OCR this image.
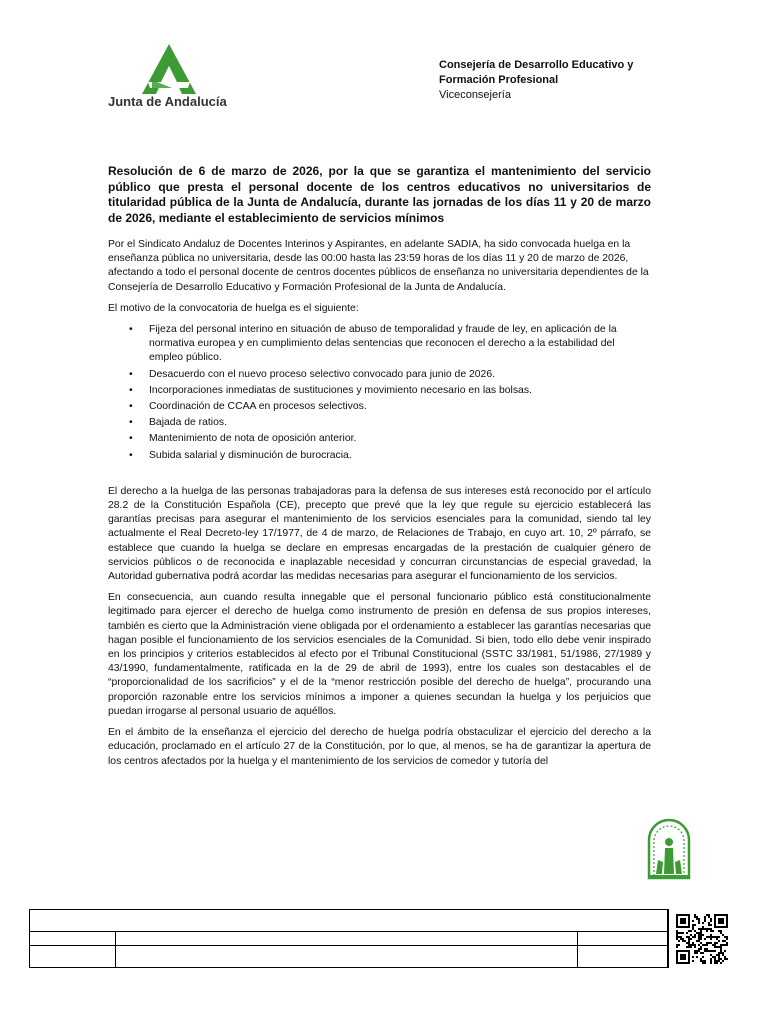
Junta de Andalucía
Consejería de Desarrollo Educativo y
Formación Profesional
Viceconsejería
Resolución de 6 de marzo de 2026, por la que se garantiza el mantenimiento del servicio público que presta el personal docente de los centros educativos no universitarios de titularidad pública de la Junta de Andalucía, durante las jornadas de los días 11 y 20 de marzo de 2026, mediante el establecimiento de servicios mínimos

Por el Sindicato Andaluz de Docentes Interinos y Aspirantes, en adelante SADIA, ha sido convocada huelga en la enseñanza pública no universitaria, desde las 00:00 hasta las 23:59 horas de los días 11 y 20 de marzo de 2026, afectando a todo el personal docente de centros docentes públicos de enseñanza no universitaria dependientes de la Consejería de Desarrollo Educativo y Formación Profesional de la Junta de Andalucía.

El motivo de la convocatoria de huelga es el siguiente:

• Fijeza del personal interino en situación de abuso de temporalidad y fraude de ley, en aplicación de la normativa europea y en cumplimiento delas sentencias que reconocen el derecho a la estabilidad del empleo público.
• Desacuerdo con el nuevo proceso selectivo convocado para junio de 2026.
• Incorporaciones inmediatas de sustituciones y movimiento necesario en las bolsas.
• Coordinación de CCAA en procesos selectivos.
• Bajada de ratios.
• Mantenimiento de nota de oposición anterior.
• Subida salarial y disminución de burocracia.

El derecho a la huelga de las personas trabajadoras para la defensa de sus intereses está reconocido por el artículo 28.2 de la Constitución Española (CE), precepto que prevé que la ley que regule su ejercicio establecerá las garantías precisas para asegurar el mantenimiento de los servicios esenciales para la comunidad, siendo tal ley actualmente el Real Decreto-ley 17/1977, de 4 de marzo, de Relaciones de Trabajo, en cuyo art. 10, 2º párrafo, se establece que cuando la huelga se declare en empresas encargadas de la prestación de cualquier género de servicios públicos o de reconocida e inaplazable necesidad y concurran circunstancias de especial gravedad, la Autoridad gubernativa podrá acordar las medidas necesarias para asegurar el funcionamiento de los servicios.

En consecuencia, aun cuando resulta innegable que el personal funcionario público está constitucionalmente legitimado para ejercer el derecho de huelga como instrumento de presión en defensa de sus propios intereses, también es cierto que la Administración viene obligada por el ordenamiento a establecer las garantías necesarias que hagan posible el funcionamiento de los servicios esenciales de la Comunidad. Si bien, todo ello debe venir inspirado en los principios y criterios establecidos al efecto por el Tribunal Constitucional (SSTC 33/1981, 51/1986, 27/1989 y 43/1990, fundamentalmente, ratificada en la de 29 de abril de 1993), entre los cuales son destacables el de “proporcionalidad de los sacrificios” y el de la “menor restricción posible del derecho de huelga”, procurando una proporción razonable entre los servicios mínimos a imponer a quienes secundan la huelga y los perjuicios que puedan irrogarse al personal usuario de aquéllos.

En el ámbito de la enseñanza el ejercicio del derecho de huelga podría obstaculizar el ejercicio del derecho a la educación, proclamado en el artículo 27 de la Constitución, por lo que, al menos, se ha de garantizar la apertura de los centros afectados por la huelga y el mantenimiento de los servicios de comedor y tutoría del
